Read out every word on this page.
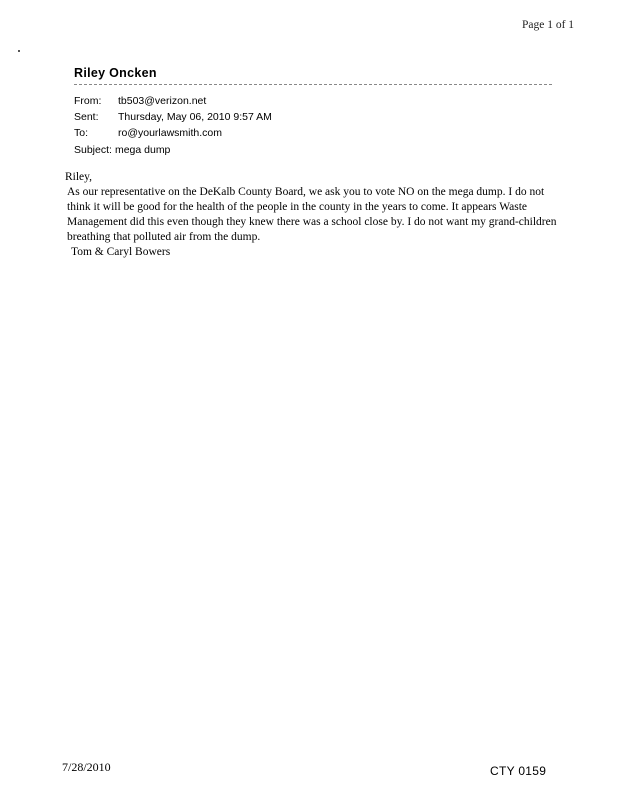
Page 1 of 1
Riley Oncken
From: tb503@verizon.net
Sent: Thursday, May 06, 2010 9:57 AM
To:	ro@yourlawsmith.com
Subject: mega dump

Riley,

As our representative on the DeKalb County Board, we ask you to vote NO on the mega dump. I do not think it will be good for the health of the people in the county in the years to come. It appears Waste Management did this even though they knew there was a school close by. I do not want my grand-children breathing that polluted air from the dump.

Tom & Caryl Bowers

7/28/2010	CTY 0159
